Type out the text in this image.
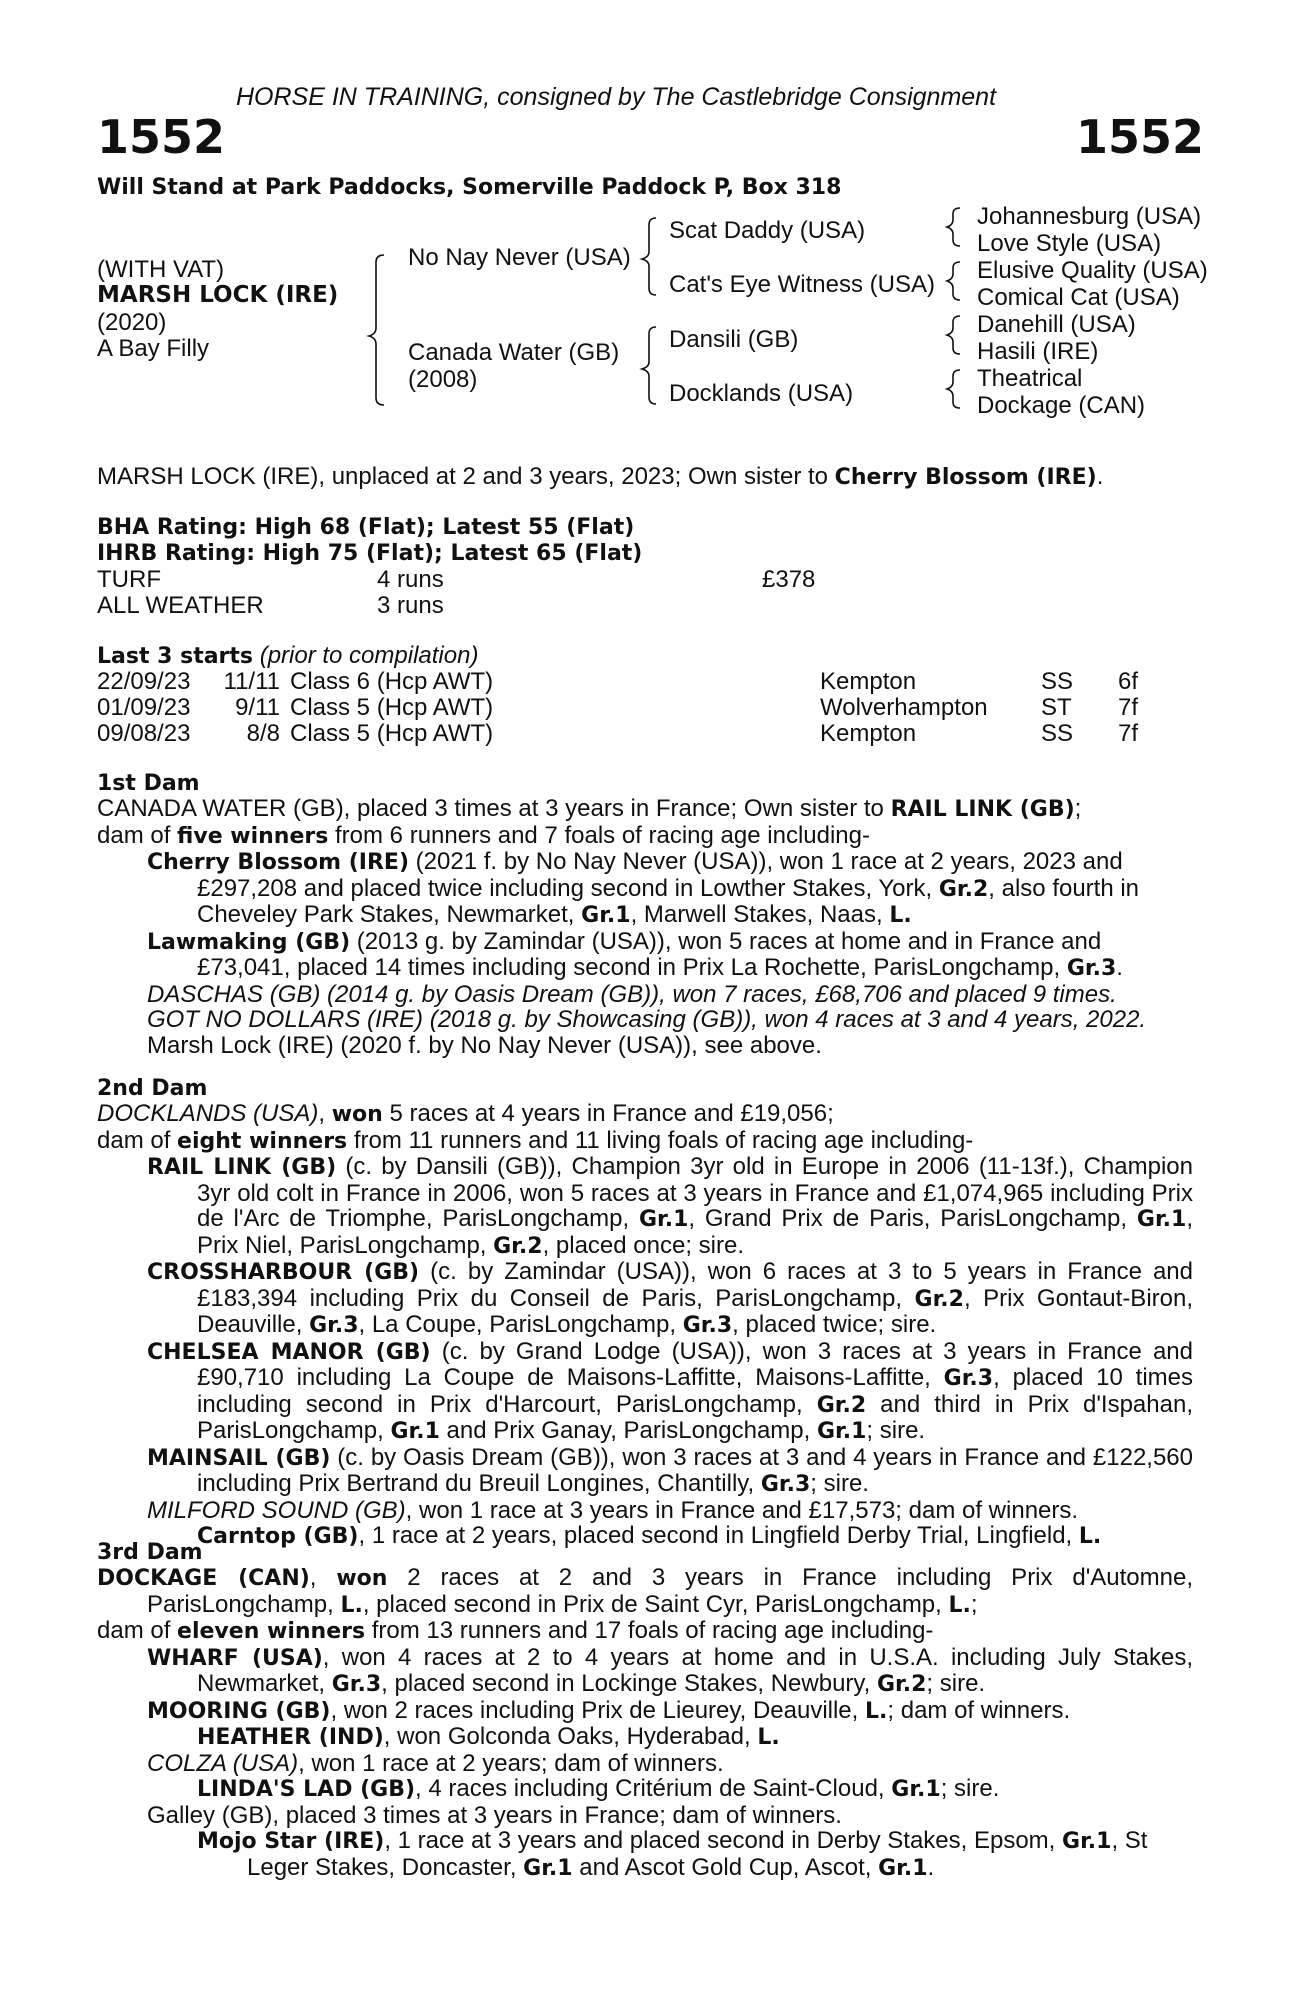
HORSE IN TRAINING, consigned by The Castlebridge Consignment
1552	1552
Will Stand at Park Paddocks, Somerville Paddock P, Box 318
(WITH VAT)
MARSH LOCK (IRE)
(2020)
A Bay Filly
No Nay Never (USA)
Canada Water (GB)
(2008)
Scat Daddy (USA)
Cat's Eye Witness (USA)
Dansili (GB)
Docklands (USA)
Johannesburg (USA)
Love Style (USA)
Elusive Quality (USA)
Comical Cat (USA)
Danehill (USA)
Hasili (IRE)
Theatrical
Dockage (CAN)
MARSH LOCK (IRE), unplaced at 2 and 3 years, 2023; Own sister to Cherry Blossom (IRE).
BHA Rating: High 68 (Flat); Latest 55 (Flat)
IHRB Rating: High 75 (Flat); Latest 65 (Flat)
TURF	4 runs	£378
ALL WEATHER	3 runs
Last 3 starts (prior to compilation)
22/09/23 11/11 Class 6 (Hcp AWT)	Kempton	SS 6f
01/09/23	9/11 Class 5 (Hcp AWT)	Wolverhampton ST 7f
09/08/23	8/8 Class 5 (Hcp AWT)	Kempton	SS 7f

1st Dam

CANADA WATER (GB), placed 3 times at 3 years in France; Own sister to RAIL LINK (GB);

dam of five winners from 6 runners and 7 foals of racing age including-

Cherry Blossom (IRE) (2021 f. by No Nay Never (USA)), won 1 race at 2 years, 2023 and £297,208 and placed twice including second in Lowther Stakes, York, Gr.2, also fourth in Cheveley Park Stakes, Newmarket, Gr.1, Marwell Stakes, Naas, L.

Lawmaking (GB) (2013 g. by Zamindar (USA)), won 5 races at home and in France and £73,041, placed 14 times including second in Prix La Rochette, ParisLongchamp, Gr.3.

DASCHAS (GB) (2014 g. by Oasis Dream (GB)), won 7 races, £68,706 and placed 9 times.

GOT NO DOLLARS (IRE) (2018 g. by Showcasing (GB)), won 4 races at 3 and 4 years, 2022.

Marsh Lock (IRE) (2020 f. by No Nay Never (USA)), see above.

2nd Dam

DOCKLANDS (USA), won 5 races at 4 years in France and £19,056;

dam of eight winners from 11 runners and 11 living foals of racing age including-

RAIL LINK (GB) (c. by Dansili (GB)), Champion 3yr old in Europe in 2006 (11-13f.), Champion 3yr old colt in France in 2006, won 5 races at 3 years in France and £1,074,965 including Prix de l'Arc de Triomphe, ParisLongchamp, Gr.1, Grand Prix de Paris, ParisLongchamp, Gr.1, Prix Niel, ParisLongchamp, Gr.2, placed once; sire.

CROSSHARBOUR (GB) (c. by Zamindar (USA)), won 6 races at 3 to 5 years in France and £183,394 including Prix du Conseil de Paris, ParisLongchamp, Gr.2, Prix Gontaut-Biron, Deauville, Gr.3, La Coupe, ParisLongchamp, Gr.3, placed twice; sire.

CHELSEA MANOR (GB) (c. by Grand Lodge (USA)), won 3 races at 3 years in France and £90,710 including La Coupe de Maisons-Laffitte, Maisons-Laffitte, Gr.3, placed 10 times including second in Prix d'Harcourt, ParisLongchamp, Gr.2 and third in Prix d'Ispahan, ParisLongchamp, Gr.1 and Prix Ganay, ParisLongchamp, Gr.1; sire.

MAINSAIL (GB) (c. by Oasis Dream (GB)), won 3 races at 3 and 4 years in France and £122,560 including Prix Bertrand du Breuil Longines, Chantilly, Gr.3; sire.

MILFORD SOUND (GB), won 1 race at 3 years in France and £17,573; dam of winners.

Carntop (GB), 1 race at 2 years, placed second in Lingfield Derby Trial, Lingfield, L.

3rd Dam

DOCKAGE (CAN), won 2 races at 2 and 3 years in France including Prix d'Automne, ParisLongchamp, L., placed second in Prix de Saint Cyr, ParisLongchamp, L.;

dam of eleven winners from 13 runners and 17 foals of racing age including-

WHARF (USA), won 4 races at 2 to 4 years at home and in U.S.A. including July Stakes, Newmarket, Gr.3, placed second in Lockinge Stakes, Newbury, Gr.2; sire.

MOORING (GB), won 2 races including Prix de Lieurey, Deauville, L.; dam of winners.

HEATHER (IND), won Golconda Oaks, Hyderabad, L.

COLZA (USA), won 1 race at 2 years; dam of winners.

LINDA'S LAD (GB), 4 races including Critérium de Saint-Cloud, Gr.1; sire.

Galley (GB), placed 3 times at 3 years in France; dam of winners.

Mojo Star (IRE), 1 race at 3 years and placed second in Derby Stakes, Epsom, Gr.1, St Leger Stakes, Doncaster, Gr.1 and Ascot Gold Cup, Ascot, Gr.1.
